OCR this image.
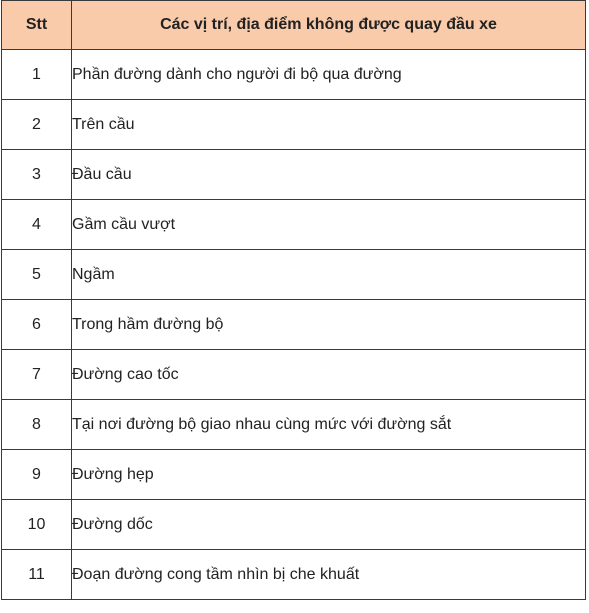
Stt	Các vị trí, địa điểm không được quay đầu xe
1	Phần đường dành cho người đi bộ qua đường
2	Trên cầu
3	Đầu cầu
4	Gầm cầu vượt
5	Ngầm
6	Trong hầm đường bộ
7	Đường cao tốc
8	Tại nơi đường bộ giao nhau cùng mức với đường sắt
9	Đường hẹp
10	Đường dốc
11	Đoạn đường cong tầm nhìn bị che khuất
